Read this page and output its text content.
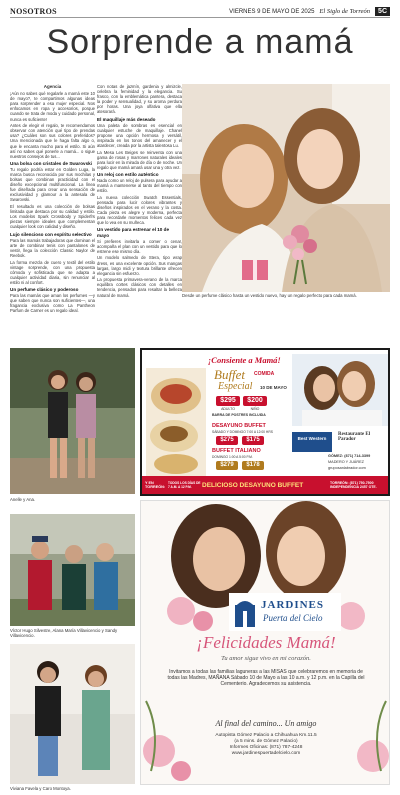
NOSOTROS	VIERNES 9 DE MAYO DE 2025 El Siglo de Torreón	5C
Sorprende a mamá
Agencia

¡Aún no sabes qué regalarle a mamá este 10 de mayo?, te compartimos algunas ideas para sorprender a esa mujer especial. Nos enfocamos en ropa y accesorios, porque cuando se trata de moda y cuidado personal, nunca es suficiente!

Antes de elegir el regalo, te recomendamos observar con atención qué tipo de prendas usa? ¿Cuáles son sus colores preferidos? Una mencionada que le haga falta algo o, que le encanta mucho para el estilo. Si aún así no sabes qué ponerle a mamá... o sigue nuestros consejos de tus...

Una bolsa con cristales de Swarovski

Tu regalo podría estar en Golden Luga, la marca busca reconocida por sus mochilas y bolsas que combinan practicidad con el diseño excepcional multifuncional. La línea fue diseñada para crear una sensación de exclusividad y glamour a la antesala de Swarovski.

El resultado es una colección de bolsas limitada que destaca por su calidad y estilo. Los modelos Spark Crossbody y Spiderfrs piezas siempre ideales que complementan cualquier look con calidad y diseño.

Lujo silencioso con espíritu selectivo

Para las mamás trabajadoras que dominan el arte de combinar tenis con pantalones de vestir, llega la colección Classic Naylor de Reebok.

La forma mezcla de cuero y textil del estilo vintage sorprende, con una propuesta cómoda y sofisticada que se adapta a cualquier actividad diaria, sin renunciar al estilo ni al confort.

Un perfume clásico y poderoso

Para las mamás que aman los perfumes —y que saben que nunca son suficientes—, una fragancia exclusiva como La Pantheon Parfum de Carner es un regalo ideal.

Con notas de jazmín, gardenia y almizcle, celebra la feminidad y la elegancia. Su frasco, con la emblemática pantera, destaca la poder y sensualidad, y su aroma perdura por horas. Una joya olfativa que ella atesorará.

El maquillaje más deseado

Una paleta de sombras es esencial en cualquier estuche de maquillaje. Chanel propone una opción hermosa y versátil, inspirada en los tonos del amanecer y el atardecer, creada por la artista talentosa Lu.

La Mesa Les Beiges se reinventa con una gama de rosas y marrones naturales ideales para lucir en la mirada de día o de noche. Un regalo que mamá amará usar una y otra vez.

Un reloj con estilo auténtico

Nada como un reloj de pulsera para ayudar a mamá a mantenerse al tanto del tiempo con estilo.

La nueva colección Swatch Essentials, pensada para lucir colores vibrantes y diseños inspirados en el verano y la costa. Cada pieza es alegre y moderna, perfecta para recordarle momentos felices cada vez que lo vea en su muñeca.

Un vestido para estrenar el 10 de mayo

Si prefieres invitarla a comer o cenar, acompaña el plan con un vestido para que lo estrene ese mismo día.

Un modelo salmedo de Stera, tipo wrap dress, es una excelente opción. Sus mangas largas, largo midi y textura brillante ofrecen elegancia sin esfuerzo.

La propuesta primavera-verano de la marca equilibra cortes clásicos con detalles en tendencia, pensados para resaltar la belleza natural de mamá.	Desde un perfume clásico hasta un vestido nuevo, hay un regalo perfecto para cada mamá.
Anelle y Ana.
Víctor Hugo Silvestre, Alana María Villavicencio y Sandy Villavicencio.
Viviana Favela y Caro Montoya.
¡Consiente a Mamá!
Buffet COMIDA
Especial 10 DE MAYO
$295	$200
ADULTO	NIÑO
BARRA DE POSTRES INCLUIDA
DESAYUNO BUFFET
SÁBADO Y DOMINGO 7:00 A 12:00 HRS
$275	$175
BUFFET ITALIANO
DOMINGO 1:00 A 5:00 P.M.
$279	$178
Best Western
Restaurante El Parador
GÓMEZ: (871) 714-3399
MADERO Y JUÁREZ
gruposanlabrador.com
Y EN TORREÓN:
TODOS LOS DÍAS DE 7 A.M. A 12 P.M.	DELICIOSO DESAYUNO BUFFET	TORREÓN: (871) 750-7500
INDEPENDENCIA 2457 OTE.
JARDINES
Puerta del Cielo
¡Felicidades Mamá!
Tu amor sigue vivo en mi corazón.
Invitamos a todas las familias laguneras a las MISAS que celebraremos en memoria de todas las Madres, MAÑANA Sábado 10 de Mayo a las 10 a.m. y 12 p.m. en la Capilla del Cementerio. Agradecemos su asistencia.
Al final del camino... Un amigo
Autopista Gómez Palacio a Chihuahua Km.11.5
(a 5 mins. de Gómez Palacio)
Informes Oficinas: (871) 787-4248
www.jardinespuertadelcielo.com
